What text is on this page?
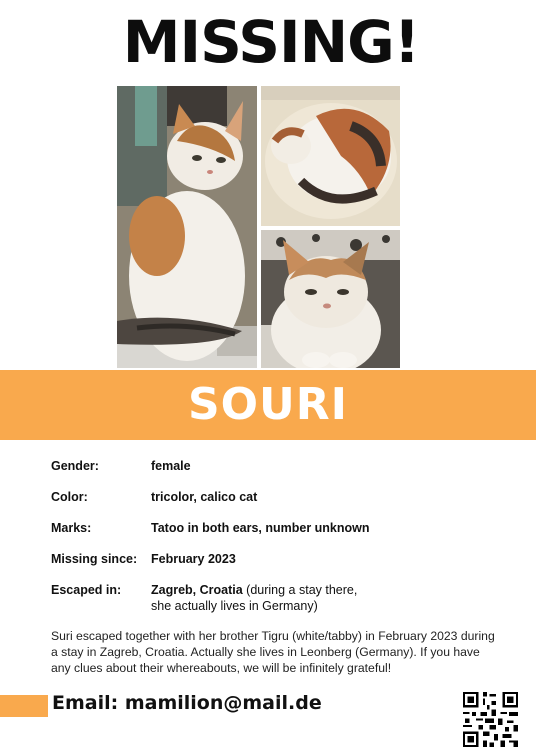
MISSING!
SOURI
Gender:	female
Color:	tricolor, calico cat
Marks:	Tatoo in both ears, number unknown
Missing since:	February 2023
Escaped in:	Zagreb, Croatia (during a stay there,
she actually lives in Germany)
Suri escaped together with her brother Tigru (white/tabby) in February 2023 during a stay in Zagreb, Croatia. Actually she lives in Leonberg (Germany). If you have any clues about their whereabouts, we will be infinitely grateful!
Email: mamilion@mail.de
